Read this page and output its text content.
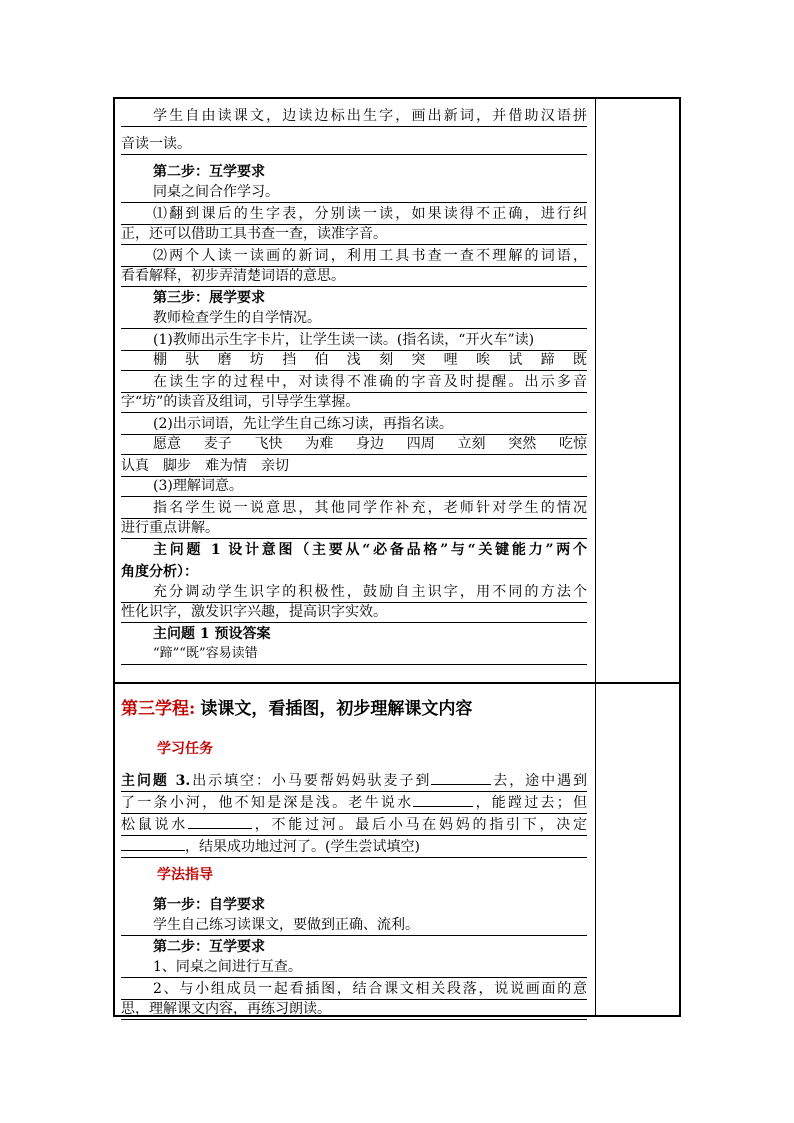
学生自由读课文，边读边标出生字，画出新词，并借助汉语拼
音读一读。
第二步：互学要求
同桌之间合作学习。
⑴翻到课后的生字表，分别读一读，如果读得不正确，进行纠
正，还可以借助工具书查一查，读准字音。
⑵两个人读一读画的新词，利用工具书查一查不理解的词语，
看看解释，初步弄清楚词语的意思。
第三步：展学要求
教师检查学生的自学情况。
(1)教师出示生字卡片，让学生读一读。(指名读，“开火车”读)
棚 驮 磨 坊 挡 伯 浅 刻 突 哩 唉 试 蹄 既
在读生字的过程中，对读得不准确的字音及时提醒。出示多音
字“坊”的读音及组词，引导学生掌握。
(2)出示词语，先让学生自己练习读，再指名读。
愿意 麦子 飞快 为难 身边 四周 立刻 突然 吃惊
认真　脚步　难为情　亲切
(3)理解词意。
指名学生说一说意思，其他同学作补充，老师针对学生的情况
进行重点讲解。
主问题 1 设计意图（主要从“必备品格”与“关键能力”两个
角度分析）：
充分调动学生识字的积极性，鼓励自主识字，用不同的方法个
性化识字，激发识字兴趣，提高识字实效。
主问题 1 预设答案
“蹄”“既”容易读错
第三学程: 读课文，看插图，初步理解课文内容
学习任务
主问题 3.出示填空：小马要帮妈妈驮麦子到	去，途中遇到
了一条小河，他不知是深是浅。老牛说水	，能蹚过去；但
松鼠说水	，不能过河。最后小马在妈妈的指引下，决定
，结果成功地过河了。(学生尝试填空)
学法指导
第一步：自学要求
学生自己练习读课文，要做到正确、流利。
第二步：互学要求
1、同桌之间进行互查。
2、与小组成员一起看插图，结合课文相关段落，说说画面的意
思，理解课文内容，再练习朗读。
